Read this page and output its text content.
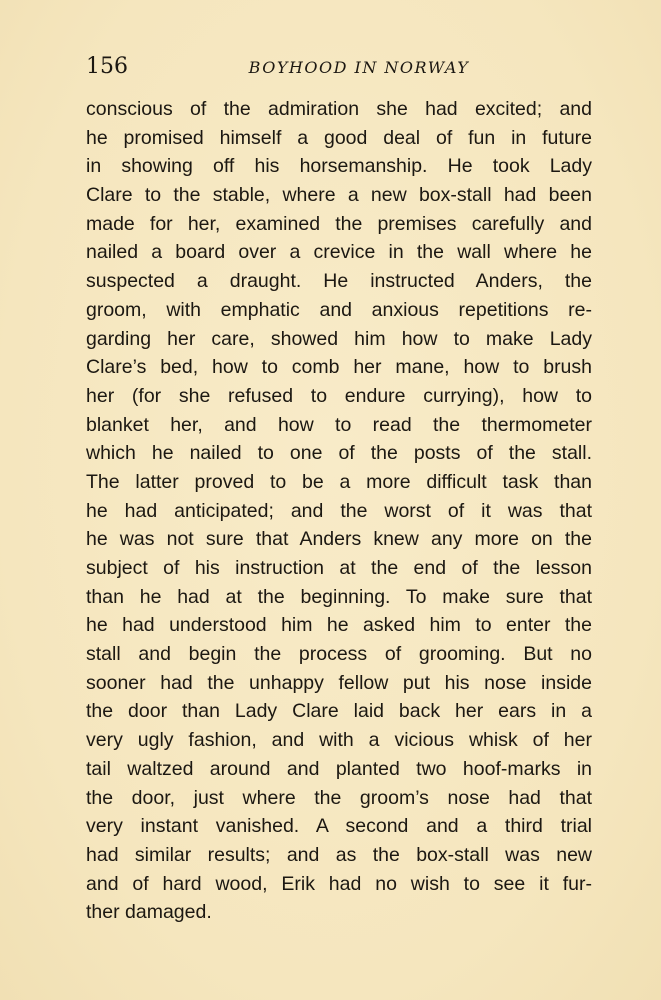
156	BOYHOOD IN NORWAY
conscious of the admiration she had excited; and
he promised himself a good deal of fun in future
in showing off his horsemanship. He took Lady
Clare to the stable, where a new box-stall had been
made for her, examined the premises carefully and
nailed a board over a crevice in the wall where he
suspected a draught. He instructed Anders, the
groom, with emphatic and anxious repetitions re-
garding her care, showed him how to make Lady
Clare’s bed, how to comb her mane, how to brush
her (for she refused to endure currying), how to
blanket her, and how to read the thermometer
which he nailed to one of the posts of the stall.
The latter proved to be a more difficult task than
he had anticipated; and the worst of it was that
he was not sure that Anders knew any more on the
subject of his instruction at the end of the lesson
than he had at the beginning. To make sure that
he had understood him he asked him to enter the
stall and begin the process of grooming. But no
sooner had the unhappy fellow put his nose inside
the door than Lady Clare laid back her ears in a
very ugly fashion, and with a vicious whisk of her
tail waltzed around and planted two hoof-marks in
the door, just where the groom’s nose had that
very instant vanished. A second and a third trial
had similar results; and as the box-stall was new
and of hard wood, Erik had no wish to see it fur-
ther damaged.
